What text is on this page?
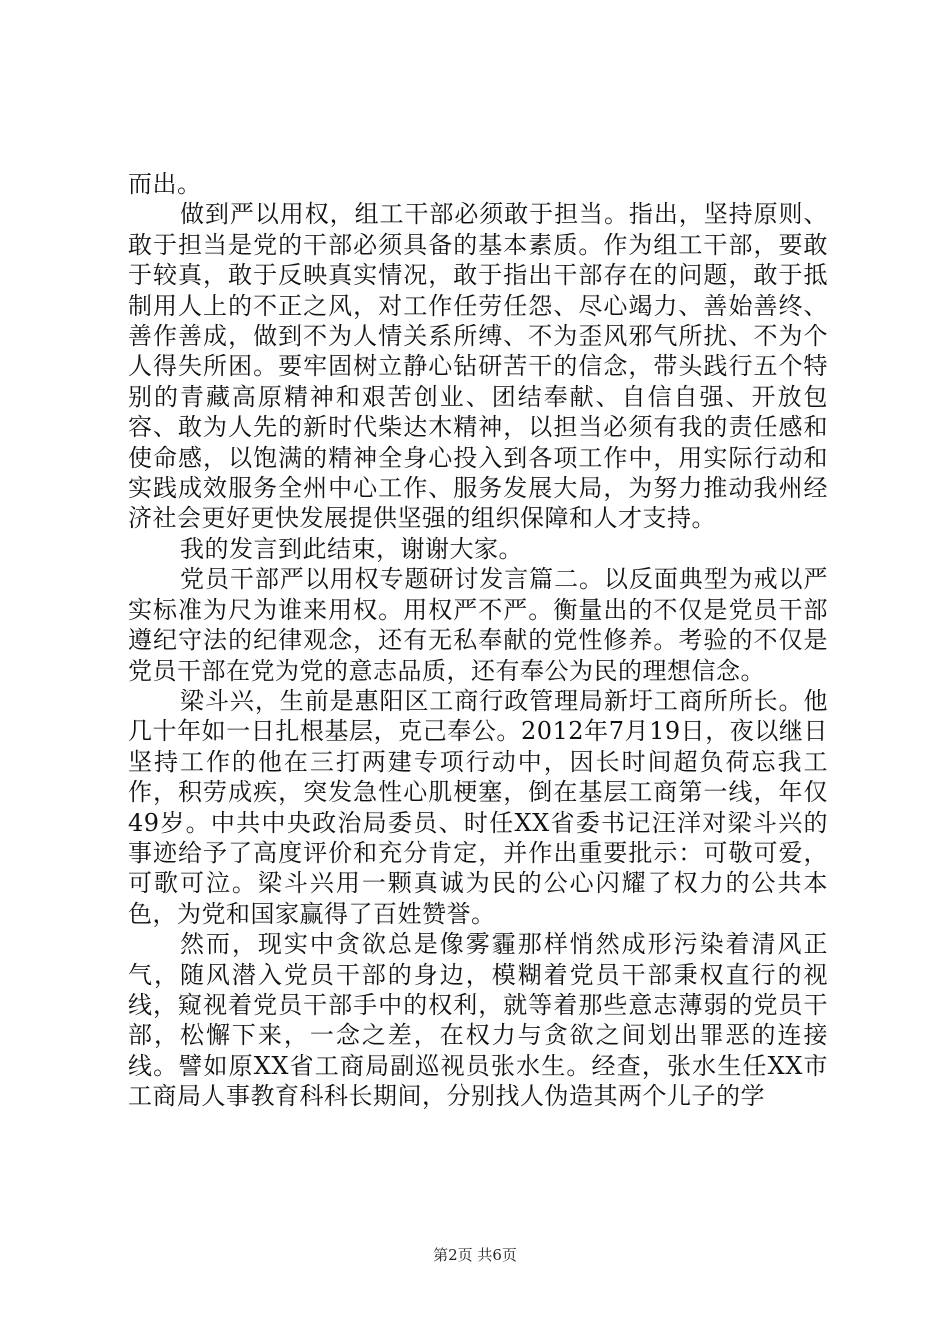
而出。

做到严以用权，组工干部必须敢于担当。指出，坚持原则、敢于担当是党的干部必须具备的基本素质。作为组工干部，要敢于较真，敢于反映真实情况，敢于指出干部存在的问题，敢于抵制用人上的不正之风，对工作任劳任怨、尽心竭力、善始善终、善作善成，做到不为人情关系所缚、不为歪风邪气所扰、不为个人得失所困。要牢固树立静心钻研苦干的信念，带头践行五个特别的青藏高原精神和艰苦创业、团结奉献、自信自强、开放包容、敢为人先的新时代柴达木精神，以担当必须有我的责任感和使命感，以饱满的精神全身心投入到各项工作中，用实际行动和实践成效服务全州中心工作、服务发展大局，为努力推动我州经济社会更好更快发展提供坚强的组织保障和人才支持。

我的发言到此结束，谢谢大家。

党员干部严以用权专题研讨发言篇二。以反面典型为戒以严实标准为尺为谁来用权。用权严不严。衡量出的不仅是党员干部遵纪守法的纪律观念，还有无私奉献的党性修养。考验的不仅是党员干部在党为党的意志品质，还有奉公为民的理想信念。

梁斗兴，生前是惠阳区工商行政管理局新圩工商所所长。他几十年如一日扎根基层，克己奉公。2012年7月19日，夜以继日坚持工作的他在三打两建专项行动中，因长时间超负荷忘我工作，积劳成疾，突发急性心肌梗塞，倒在基层工商第一线，年仅49岁。中共中央政治局委员、时任XX省委书记汪洋对梁斗兴的事迹给予了高度评价和充分肯定，并作出重要批示：可敬可爱，可歌可泣。梁斗兴用一颗真诚为民的公心闪耀了权力的公共本色，为党和国家赢得了百姓赞誉。

然而，现实中贪欲总是像雾霾那样悄然成形污染着清风正气，随风潜入党员干部的身边，模糊着党员干部秉权直行的视线，窥视着党员干部手中的权利，就等着那些意志薄弱的党员干部，松懈下来，一念之差，在权力与贪欲之间划出罪恶的连接线。譬如原XX省工商局副巡视员张水生。经查，张水生任XX市工商局人事教育科科长期间，分别找人伪造其两个儿子的学

第2页 共6页
